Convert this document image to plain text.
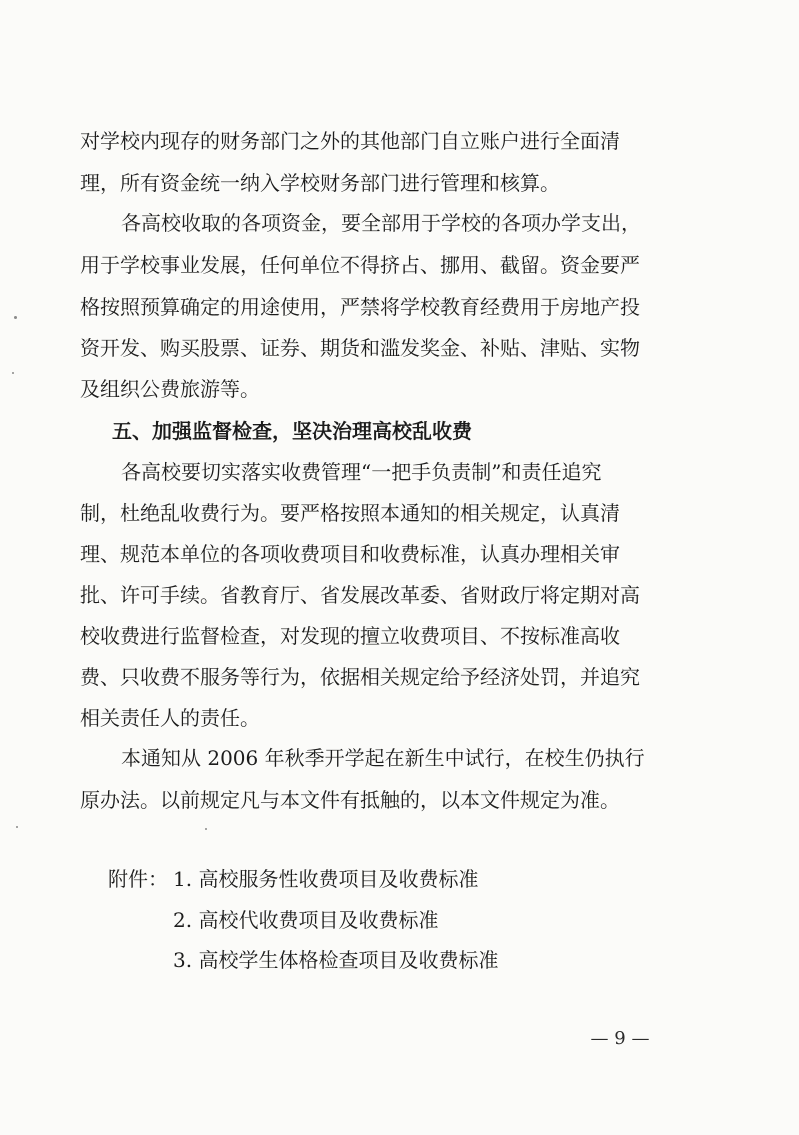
对学校内现存的财务部门之外的其他部门自立账户进行全面清
理，所有资金统一纳入学校财务部门进行管理和核算。
各高校收取的各项资金，要全部用于学校的各项办学支出，
用于学校事业发展，任何单位不得挤占、挪用、截留。资金要严
格按照预算确定的用途使用，严禁将学校教育经费用于房地产投
资开发、购买股票、证券、期货和滥发奖金、补贴、津贴、实物
及组织公费旅游等。
五、加强监督检查，坚决治理高校乱收费
各高校要切实落实收费管理“一把手负责制”和责任追究
制，杜绝乱收费行为。要严格按照本通知的相关规定，认真清
理、规范本单位的各项收费项目和收费标准，认真办理相关审
批、许可手续。省教育厅、省发展改革委、省财政厅将定期对高
校收费进行监督检查，对发现的擅立收费项目、不按标准高收
费、只收费不服务等行为，依据相关规定给予经济处罚，并追究
相关责任人的责任。
本通知从 2006 年秋季开学起在新生中试行，在校生仍执行
原办法。以前规定凡与本文件有抵触的，以本文件规定为准。
附件： 1. 高校服务性收费项目及收费标准
2. 高校代收费项目及收费标准
3. 高校学生体格检查项目及收费标准
— 9 —
